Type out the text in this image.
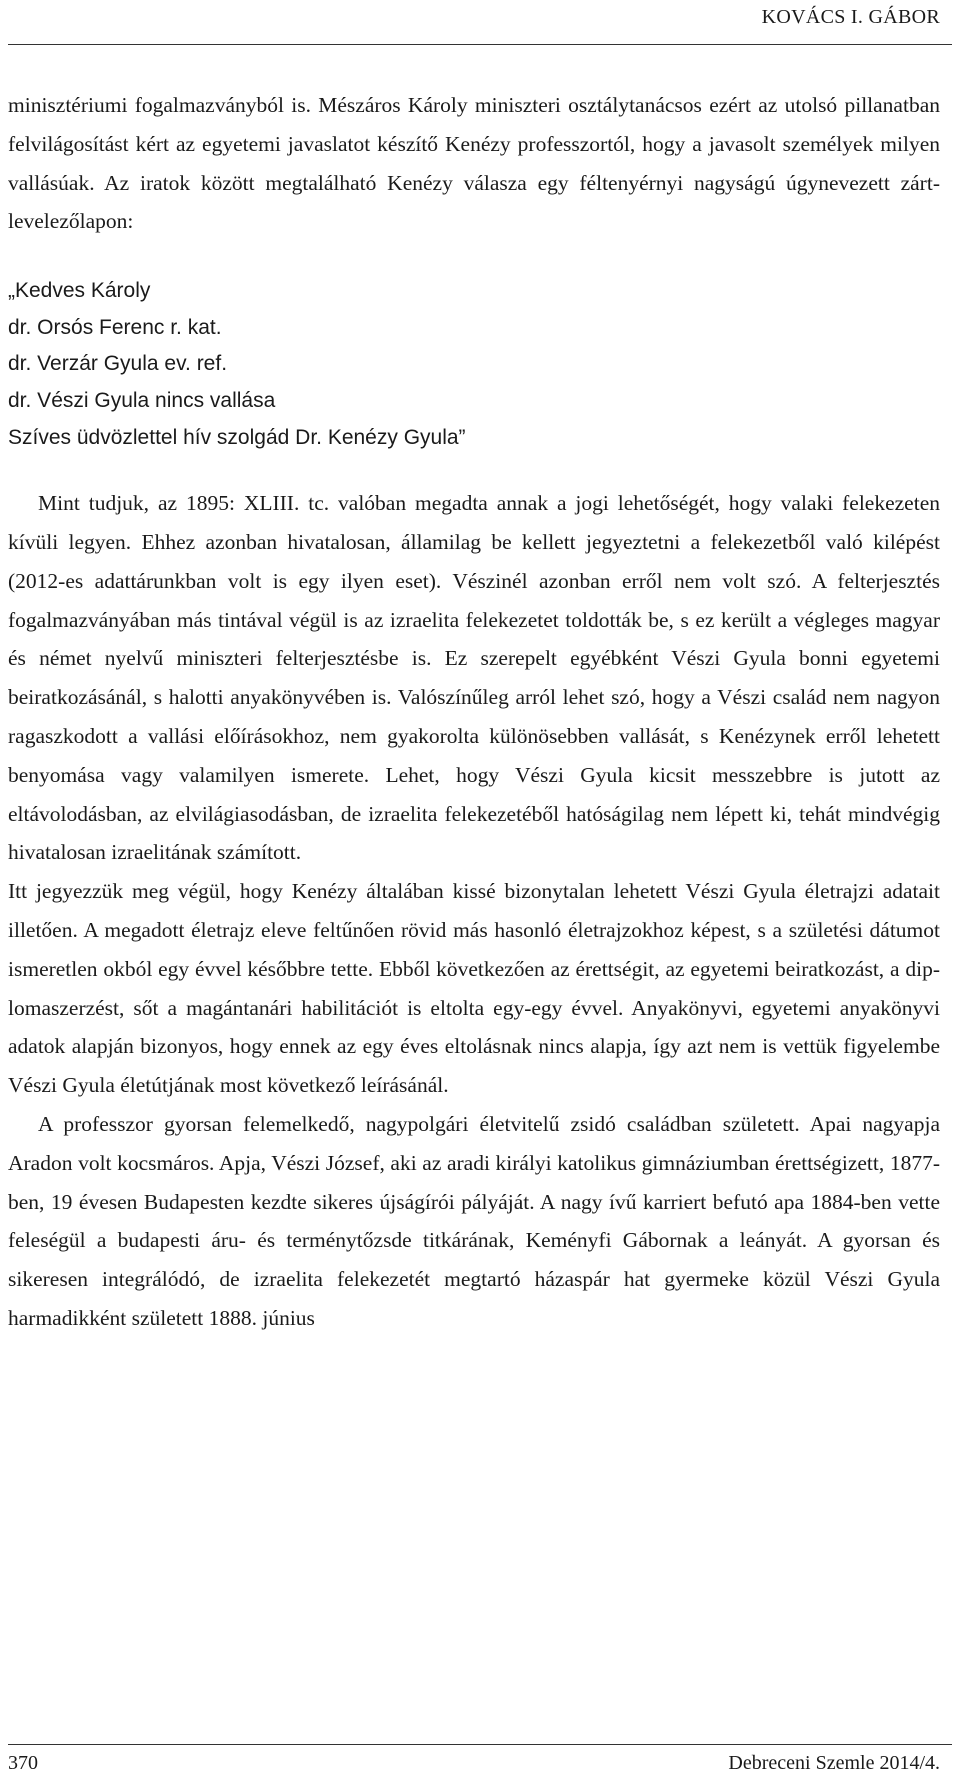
KOVÁCS I. GÁBOR

minisztériumi fogalmazványból is. Mészáros Károly miniszteri osztálytanácsos ezért az utolsó pillanatban felvilágosítást kért az egyetemi javaslatot készítő Kenézy professzortól, hogy a javasolt személyek milyen vallásúak. Az iratok között megtalálható Kenézy válasza egy féltenyérnyi nagyságú úgynevezett zártlevelezőlapon:

„Kedves Károly
dr. Orsós Ferenc r. kat.
dr. Verzár Gyula ev. ref.
dr. Vészi Gyula nincs vallása
Szíves üdvözlettel hív szolgád Dr. Kenézy Gyula”

Mint tudjuk, az 1895: XLIII. tc. valóban megadta annak a jogi lehetőségét, hogy valaki felekezeten kívüli legyen. Ehhez azonban hivatalosan, államilag be kellett jegyeztetni a felekezetből való kilépést (2012-es adattárunkban volt is egy ilyen eset). Vészinél azonban erről nem volt szó. A felterjesztés fogalmazványában más tintával végül is az izraelita felekezetet toldották be, s ez került a végleges magyar és német nyelvű miniszteri felterjesztésbe is. Ez szerepelt egyébként Vészi Gyula bonni egyetemi beiratkozásánál, s halotti anyakönyvében is. Valószínűleg arról lehet szó, hogy a Vészi család nem nagyon ragaszkodott a vallási előírásokhoz, nem gyakorolta különösebben vallását, s Kenézynek erről lehetett benyomása vagy valamilyen ismerete. Lehet, hogy Vészi Gyula kicsit messzebbre is jutott az eltávolodásban, az elvilágiasodásban, de izraelita felekezetéből hatóságilag nem lépett ki, tehát mindvégig hivatalosan izraelitának számított.

Itt jegyezzük meg végül, hogy Kenézy általában kissé bizonytalan lehetett Vészi Gyula életrajzi adatait illetően. A megadott életrajz eleve feltűnően rövid más hasonló életrajzokhoz képest, s a születési dátumot ismeretlen okból egy évvel későbbre tette. Ebből következően az érettségit, az egyetemi beiratkozást, a diplomaszerzést, sőt a magántanári habilitációt is eltolta egy-egy évvel. Anyakönyvi, egyetemi anyakönyvi adatok alapján bizonyos, hogy ennek az egy éves eltolásnak nincs alapja, így azt nem is vettük figyelembe Vészi Gyula életútjának most következő leírásánál.

A professzor gyorsan felemelkedő, nagypolgári életvitelű zsidó családban született. Apai nagyapja Aradon volt kocsmáros. Apja, Vészi József, aki az aradi királyi katolikus gimnáziumban érettségizett, 1877-ben, 19 évesen Budapesten kezdte sikeres újságírói pályáját. A nagy ívű karriert befutó apa 1884-ben vette feleségül a budapesti áru- és terménytőzsde titkárának, Keményfi Gábornak a leányát. A gyorsan és sikeresen integrálódó, de izraelita felekezetét megtartó házaspár hat gyermeke közül Vészi Gyula harmadikként született 1888. június

370	Debreceni Szemle 2014/4.
